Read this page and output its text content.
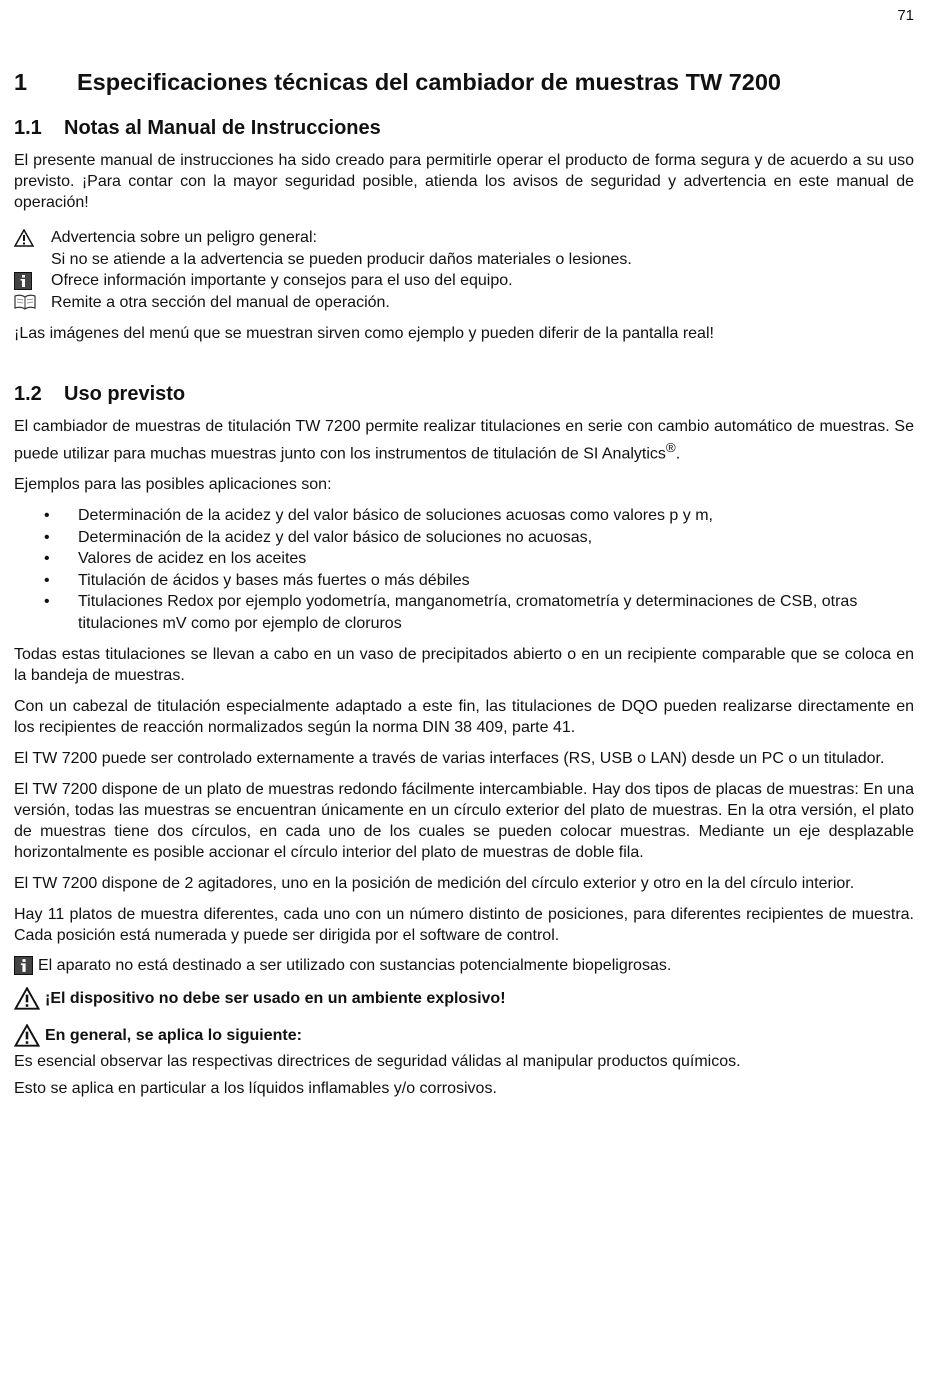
71
1 Especificaciones técnicas del cambiador de muestras TW 7200
1.1 Notas al Manual de Instrucciones

El presente manual de instrucciones ha sido creado para permitirle operar el producto de forma segura y de acuerdo a su uso previsto. ¡Para contar con la mayor seguridad posible, atienda los avisos de seguridad y advertencia en este manual de operación!

Advertencia sobre un peligro general:
Si no se atiende a la advertencia se pueden producir daños materiales o lesiones.
Ofrece información importante y consejos para el uso del equipo.
Remite a otra sección del manual de operación.

¡Las imágenes del menú que se muestran sirven como ejemplo y pueden diferir de la pantalla real!

1.2 Uso previsto

El cambiador de muestras de titulación TW 7200 permite realizar titulaciones en serie con cambio automático de muestras. Se puede utilizar para muchas muestras junto con los instrumentos de titulación de SI Analytics®.

Ejemplos para las posibles aplicaciones son:

•	Determinación de la acidez y del valor básico de soluciones acuosas como valores p y m,
•	Determinación de la acidez y del valor básico de soluciones no acuosas,
•	Valores de acidez en los aceites
•	Titulación de ácidos y bases más fuertes o más débiles
•	Titulaciones Redox por ejemplo yodometría, manganometría, cromatometría y determinaciones de CSB, otras titulaciones mV como por ejemplo de cloruros

Todas estas titulaciones se llevan a cabo en un vaso de precipitados abierto o en un recipiente comparable que se coloca en la bandeja de muestras.

Con un cabezal de titulación especialmente adaptado a este fin, las titulaciones de DQO pueden realizarse directamente en los recipientes de reacción normalizados según la norma DIN 38 409, parte 41.

El TW 7200 puede ser controlado externamente a través de varias interfaces (RS, USB o LAN) desde un PC o un titulador.

El TW 7200 dispone de un plato de muestras redondo fácilmente intercambiable. Hay dos tipos de placas de muestras: En una versión, todas las muestras se encuentran únicamente en un círculo exterior del plato de muestras. En la otra versión, el plato de muestras tiene dos círculos, en cada uno de los cuales se pueden colocar muestras. Mediante un eje desplazable horizontalmente es posible accionar el círculo interior del plato de muestras de doble fila.

El TW 7200 dispone de 2 agitadores, uno en la posición de medición del círculo exterior y otro en la del círculo interior.

Hay 11 platos de muestra diferentes, cada uno con un número distinto de posiciones, para diferentes recipientes de muestra. Cada posición está numerada y puede ser dirigida por el software de control.

El aparato no está destinado a ser utilizado con sustancias potencialmente biopeligrosas.
¡El dispositivo no debe ser usado en un ambiente explosivo!
En general, se aplica lo siguiente:

Es esencial observar las respectivas directrices de seguridad válidas al manipular productos químicos.

Esto se aplica en particular a los líquidos inflamables y/o corrosivos.
